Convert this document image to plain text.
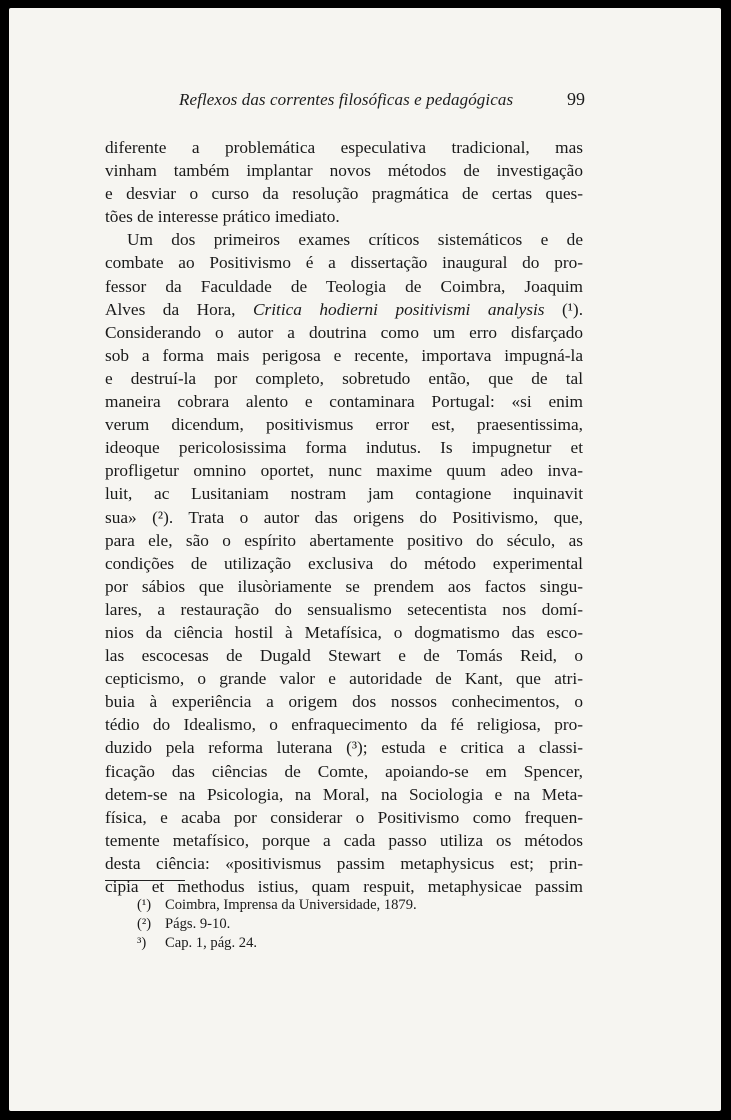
Reflexos das correntes filosóficas e pedagógicas	99
diferente a problemática especulativa tradicional, mas
vinham também implantar novos métodos de investigação
e desviar o curso da resolução pragmática de certas ques-
tões de interesse prático imediato.
Um dos primeiros exames críticos sistemáticos e de
combate ao Positivismo é a dissertação inaugural do pro-
fessor da Faculdade de Teologia de Coimbra, Joaquim
Alves da Hora, Critica hodierni positivismi analysis (¹).
Considerando o autor a doutrina como um erro disfarçado
sob a forma mais perigosa e recente, importava impugná-la
e destruí-la por completo, sobretudo então, que de tal
maneira cobrara alento e contaminara Portugal: «si enim
verum dicendum, positivismus error est, praesentissima,
ideoque pericolosissima forma indutus. Is impugnetur et
profligetur omnino oportet, nunc maxime quum adeo inva-
luit, ac Lusitaniam nostram jam contagione inquinavit
sua» (²). Trata o autor das origens do Positivismo, que,
para ele, são o espírito abertamente positivo do século, as
condições de utilização exclusiva do método experimental
por sábios que ilusòriamente se prendem aos factos singu-
lares, a restauração do sensualismo setecentista nos domí-
nios da ciência hostil à Metafísica, o dogmatismo das esco-
las escocesas de Dugald Stewart e de Tomás Reid, o
cepticismo, o grande valor e autoridade de Kant, que atri-
buia à experiência a origem dos nossos conhecimentos, o
tédio do Idealismo, o enfraquecimento da fé religiosa, pro-
duzido pela reforma luterana (³); estuda e critica a classi-
ficação das ciências de Comte, apoiando-se em Spencer,
detem-se na Psicologia, na Moral, na Sociologia e na Meta-
física, e acaba por considerar o Positivismo como frequen-
temente metafísico, porque a cada passo utiliza os métodos
desta ciência: «positivismus passim metaphysicus est; prin-
cipia et methodus istius, quam respuit, metaphysicae passim
(¹) Coimbra, Imprensa da Universidade, 1879.
(²) Págs. 9-10.
³) Cap. 1, pág. 24.
